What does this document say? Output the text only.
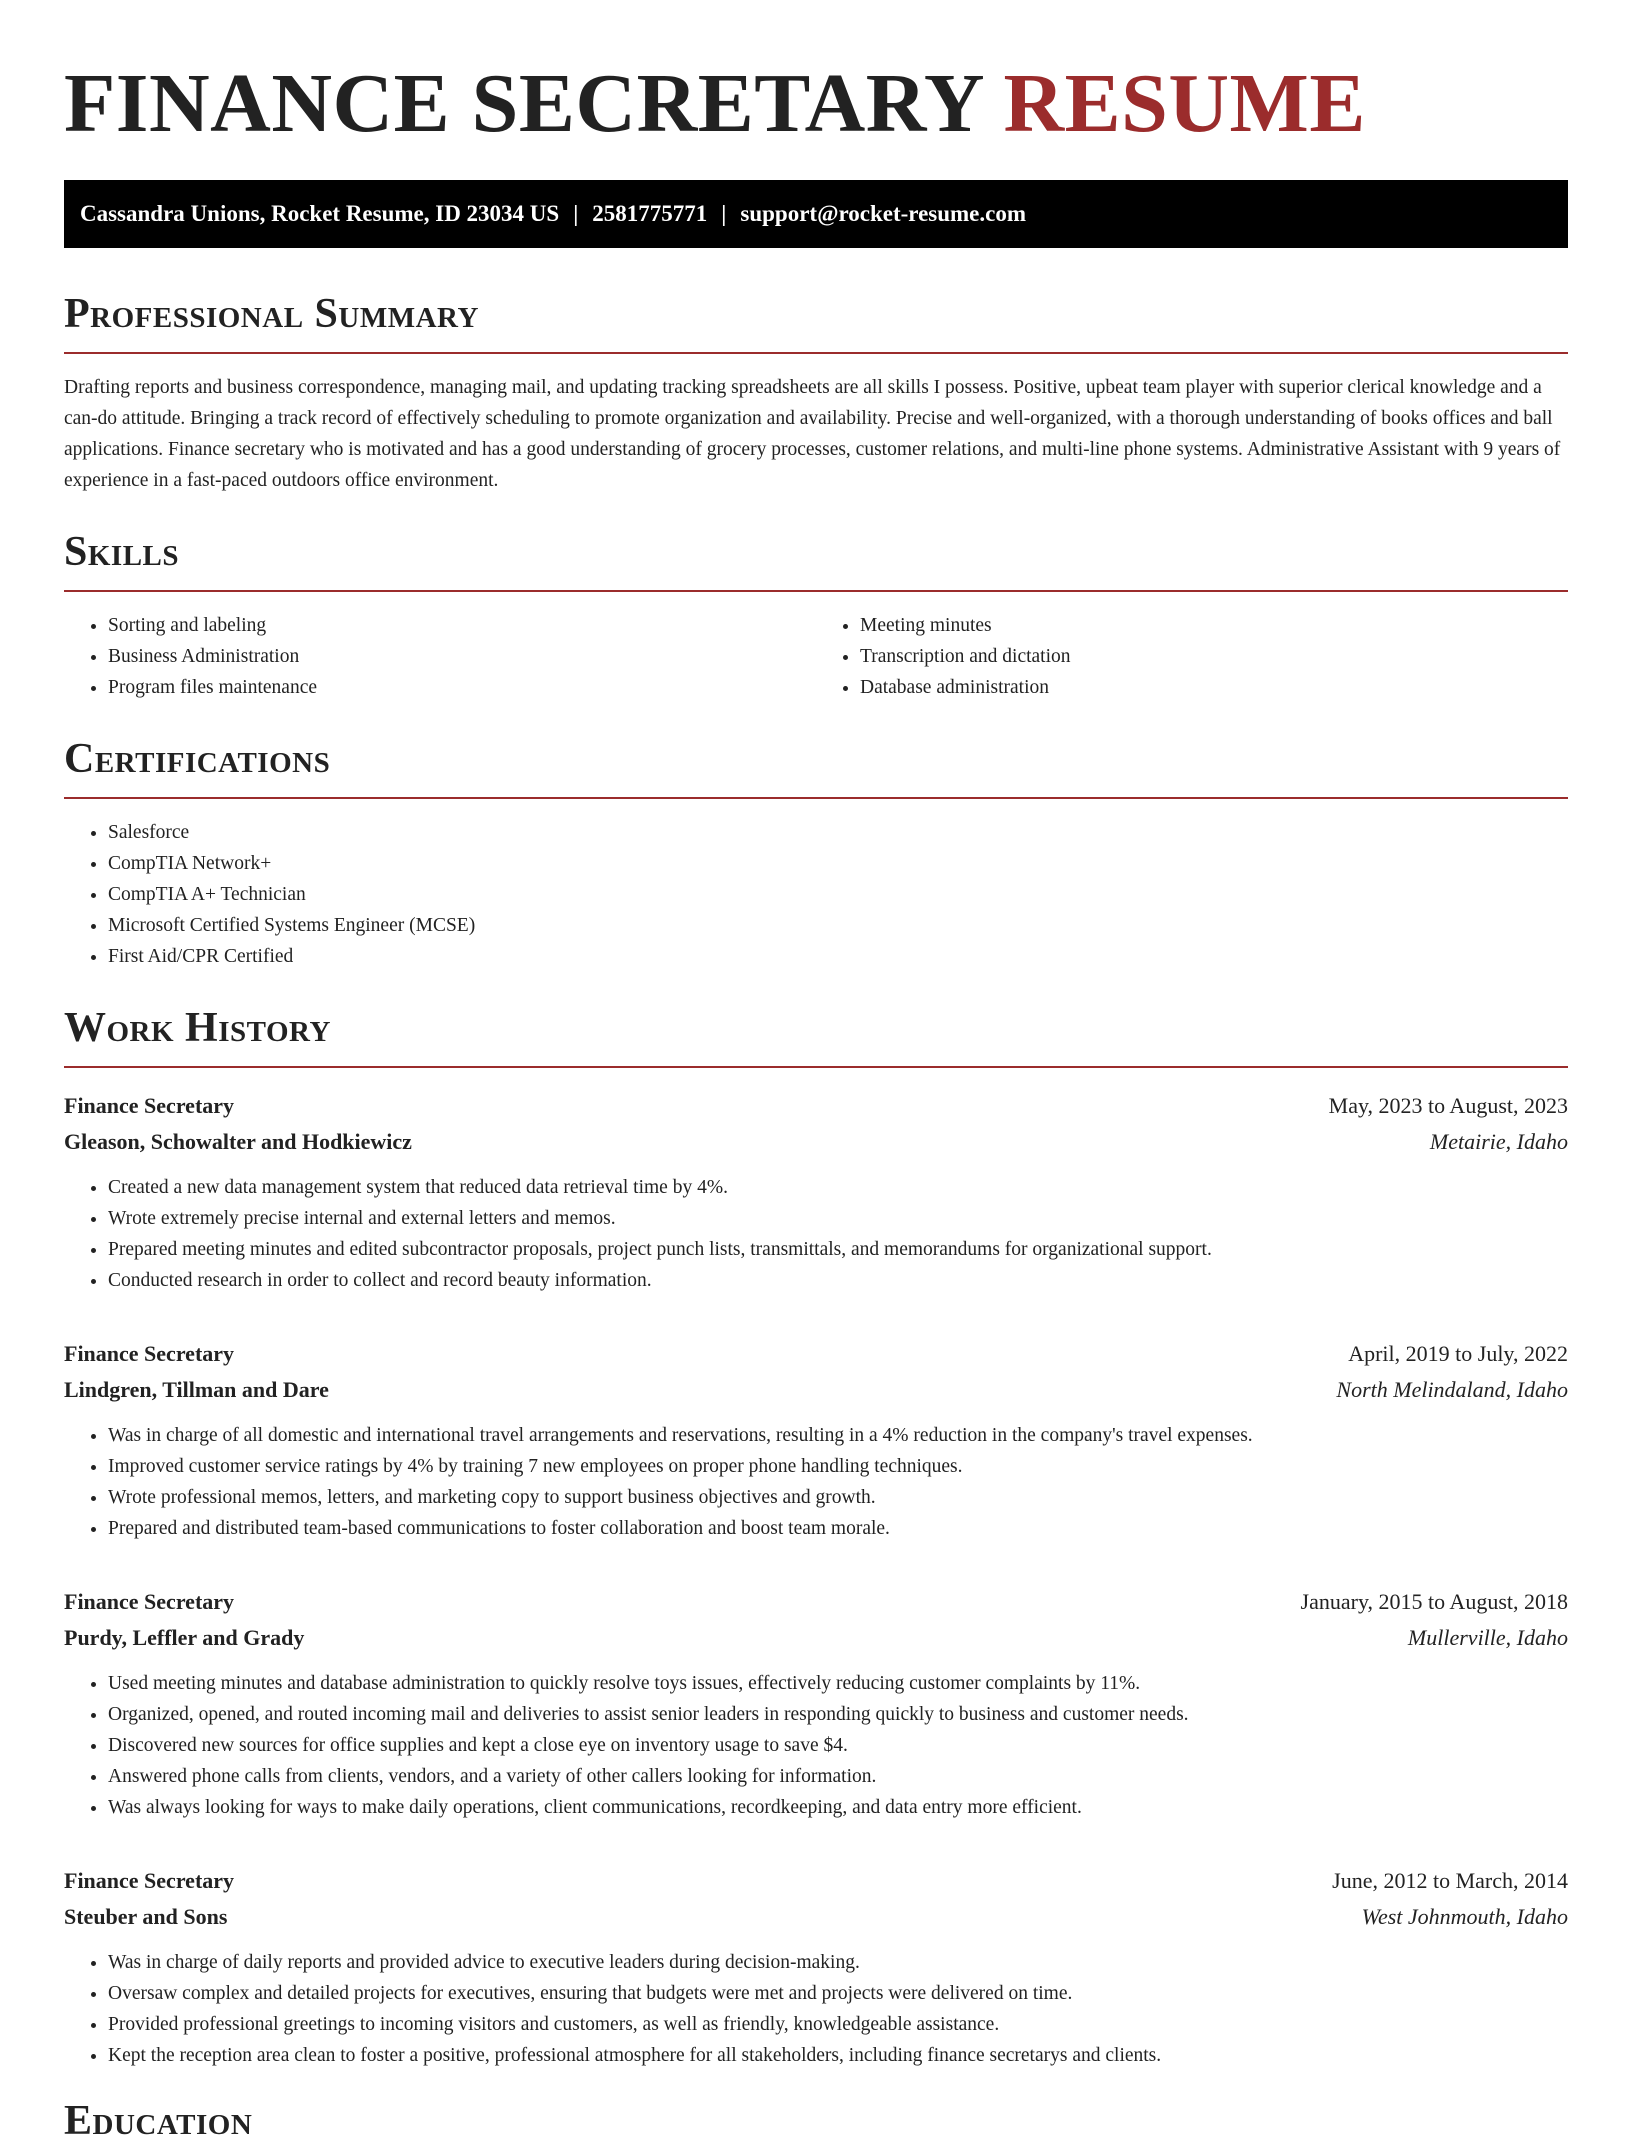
FINANCE SECRETARY RESUME
Cassandra Unions, Rocket Resume, ID 23034 US | 2581775771 | support@rocket-resume.com
Professional Summary

Drafting reports and business correspondence, managing mail, and updating tracking spreadsheets are all skills I possess. Positive, upbeat team player with superior clerical knowledge and a can-do attitude. Bringing a track record of effectively scheduling to promote organization and availability. Precise and well-organized, with a thorough understanding of books offices and ball applications. Finance secretary who is motivated and has a good understanding of grocery processes, customer relations, and multi-line phone systems. Administrative Assistant with 9 years of experience in a fast-paced outdoors office environment.

Skills
• Sorting and labeling
• Business Administration
• Program files maintenance
• Meeting minutes
• Transcription and dictation
• Database administration
Certifications
• Salesforce
• CompTIA Network+
• CompTIA A+ Technician
• Microsoft Certified Systems Engineer (MCSE)
• First Aid/CPR Certified
Work History
Finance Secretary	May, 2023 to August, 2023
Gleason, Schowalter and Hodkiewicz	Metairie, Idaho
• Created a new data management system that reduced data retrieval time by 4%.
• Wrote extremely precise internal and external letters and memos.
• Prepared meeting minutes and edited subcontractor proposals, project punch lists, transmittals, and memorandums for organizational support.
• Conducted research in order to collect and record beauty information.
Finance Secretary	April, 2019 to July, 2022
Lindgren, Tillman and Dare	North Melindaland, Idaho
• Was in charge of all domestic and international travel arrangements and reservations, resulting in a 4% reduction in the company's travel expenses.
• Improved customer service ratings by 4% by training 7 new employees on proper phone handling techniques.
• Wrote professional memos, letters, and marketing copy to support business objectives and growth.
• Prepared and distributed team-based communications to foster collaboration and boost team morale.
Finance Secretary	January, 2015 to August, 2018
Purdy, Leffler and Grady	Mullerville, Idaho
• Used meeting minutes and database administration to quickly resolve toys issues, effectively reducing customer complaints by 11%.
• Organized, opened, and routed incoming mail and deliveries to assist senior leaders in responding quickly to business and customer needs.
• Discovered new sources for office supplies and kept a close eye on inventory usage to save $4.
• Answered phone calls from clients, vendors, and a variety of other callers looking for information.
• Was always looking for ways to make daily operations, client communications, recordkeeping, and data entry more efficient.
Finance Secretary	June, 2012 to March, 2014
Steuber and Sons	West Johnmouth, Idaho
• Was in charge of daily reports and provided advice to executive leaders during decision-making.
• Oversaw complex and detailed projects for executives, ensuring that budgets were met and projects were delivered on time.
• Provided professional greetings to incoming visitors and customers, as well as friendly, knowledgeable assistance.
• Kept the reception area clean to foster a positive, professional atmosphere for all stakeholders, including finance secretarys and clients.
Education
